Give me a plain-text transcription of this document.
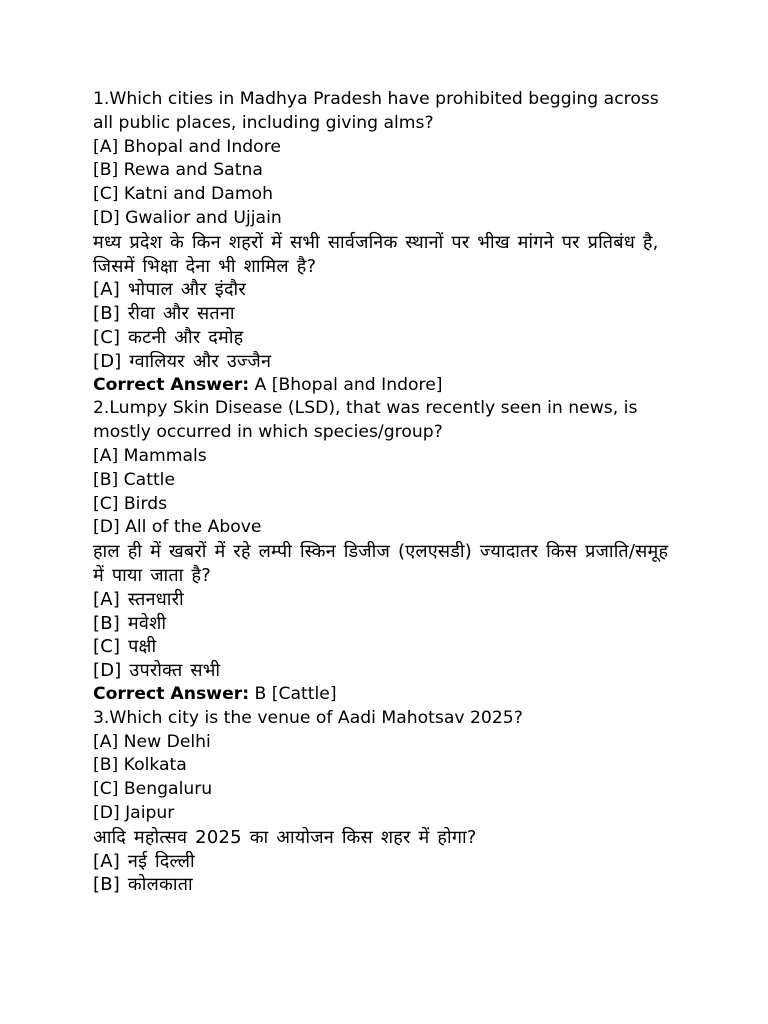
1.Which cities in Madhya Pradesh have prohibited begging across all public places, including giving alms?

[A] Bhopal and Indore

[B] Rewa and Satna

[C] Katni and Damoh

[D] Gwalior and Ujjain

मध्य प्रदेश के किन शहरों में सभी सार्वजनिक स्थानों पर भीख मांगने पर प्रतिबंध है, जिसमें भिक्षा देना भी शामिल है?

[A] भोपाल और इंदौर

[B] रीवा और सतना

[C] कटनी और दमोह

[D] ग्वालियर और उज्जैन

Correct Answer: A [Bhopal and Indore]

2.Lumpy Skin Disease (LSD), that was recently seen in news, is mostly occurred in which species/group?

[A] Mammals

[B] Cattle

[C] Birds

[D] All of the Above

हाल ही में खबरों में रहे लम्पी स्किन डिजीज (एलएसडी) ज्यादातर किस प्रजाति/समूह में पाया जाता है?

[A] स्तनधारी

[B] मवेशी

[C] पक्षी

[D] उपरोक्त सभी

Correct Answer: B [Cattle]

3.Which city is the venue of Aadi Mahotsav 2025?

[A] New Delhi

[B] Kolkata

[C] Bengaluru

[D] Jaipur

आदि महोत्सव 2025 का आयोजन किस शहर में होगा?

[A] नई दिल्ली

[B] कोलकाता
